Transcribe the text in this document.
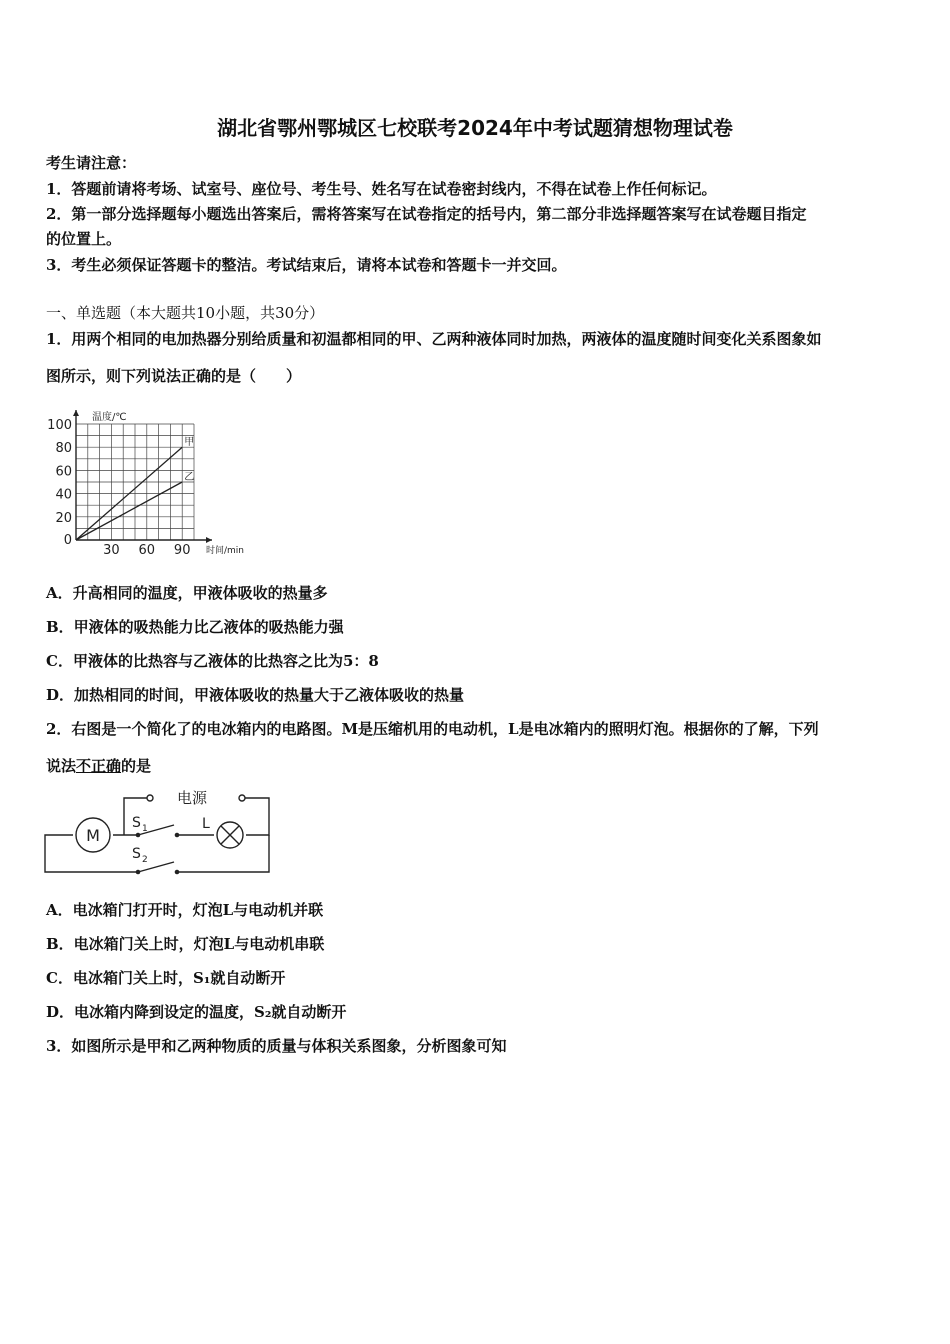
湖北省鄂州鄂城区七校联考2024年中考试题猜想物理试卷
考生请注意：
1．答题前请将考场、试室号、座位号、考生号、姓名写在试卷密封线内，不得在试卷上作任何标记。
2．第一部分选择题每小题选出答案后，需将答案写在试卷指定的括号内，第二部分非选择题答案写在试卷题目指定
的位置上。
3．考生必须保证答题卡的整洁。考试结束后，请将本试卷和答题卡一并交回。
一、单选题（本大题共10小题，共30分）
1．用两个相同的电加热器分别给质量和初温都相同的甲、乙两种液体同时加热，两液体的温度随时间变化关系图象如
图所示，则下列说法正确的是（　　）
0
30 60 90
20
40
60
80
100
温度/℃
时间/min
甲
乙
A．升高相同的温度，甲液体吸收的热量多
B．甲液体的吸热能力比乙液体的吸热能力强
C．甲液体的比热容与乙液体的比热容之比为5：8
D．加热相同的时间，甲液体吸收的热量大于乙液体吸收的热量
2．右图是一个简化了的电冰箱内的电路图。M是压缩机用的电动机，L是电冰箱内的照明灯泡。根据你的了解，下列
说法不正确的是
M
电源
L
S 1
S 2
A．电冰箱门打开时，灯泡L与电动机并联
B．电冰箱门关上时，灯泡L与电动机串联
C．电冰箱门关上时，S₁就自动断开
D．电冰箱内降到设定的温度，S₂就自动断开
3．如图所示是甲和乙两种物质的质量与体积关系图象，分析图象可知
